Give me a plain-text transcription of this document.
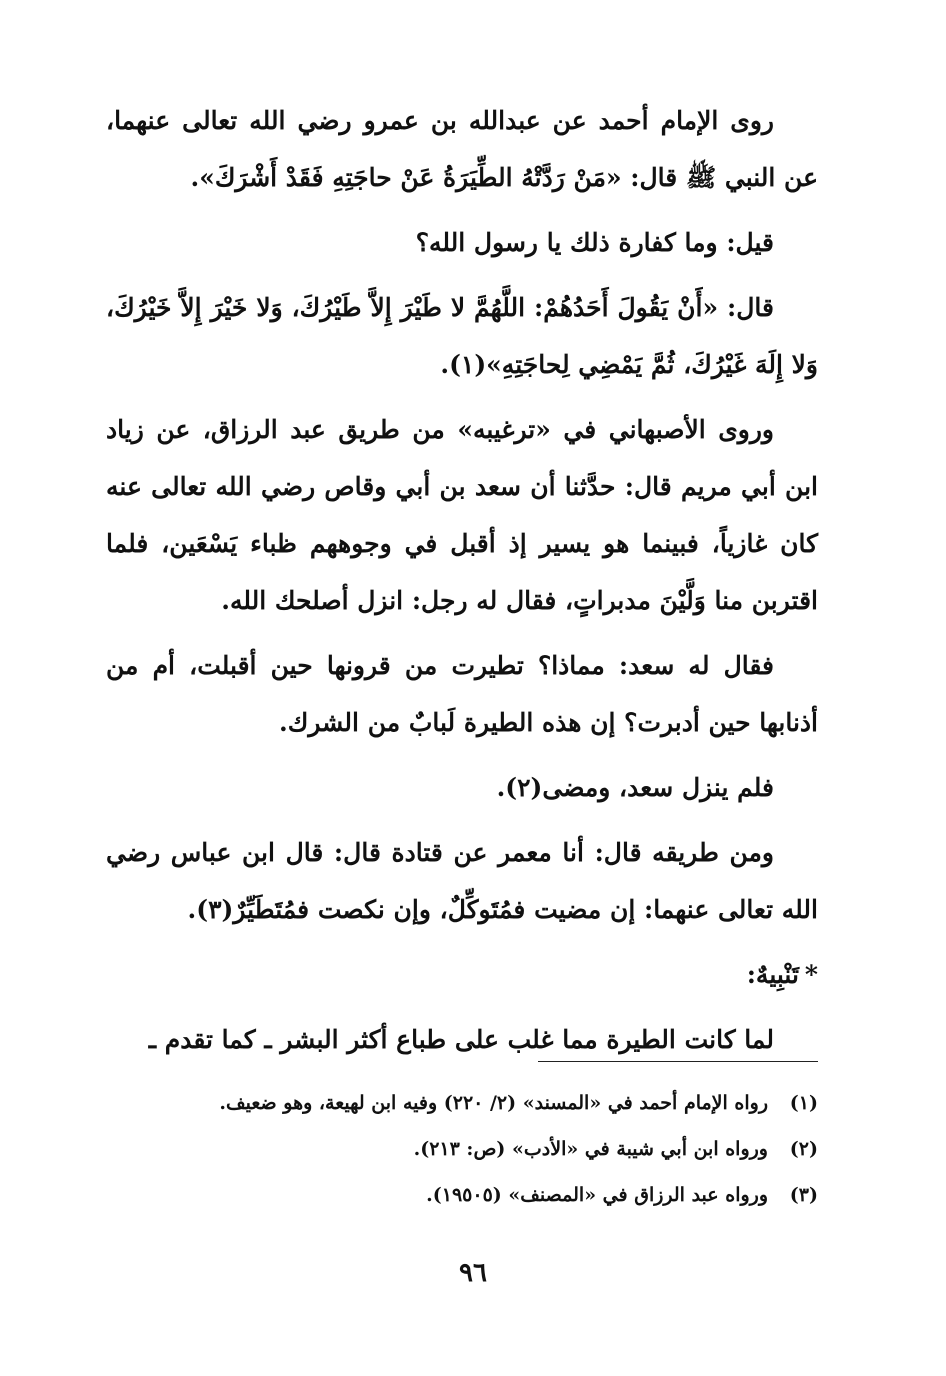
روى الإمام أحمد عن عبدالله بن عمرو رضي الله تعالى عنهما، عن النبي ﷺ قال: «مَنْ رَدَّتْهُ الطِّيَرَةُ عَنْ حاجَتِهِ فَقَدْ أَشْرَكَ».

قيل: وما كفارة ذلك يا رسول الله؟

قال: «أَنْ يَقُولَ أَحَدُهُمْ: اللَّهُمَّ لا طَيْرَ إِلاَّ طَيْرُكَ، وَلا خَيْرَ إِلاَّ خَيْرُكَ، وَلا إِلَهَ غَيْرُكَ، ثُمَّ يَمْضِي لِحاجَتِهِ»(١).

وروى الأصبهاني في «ترغيبه» من طريق عبد الرزاق، عن زياد ابن أبي مريم قال: حدَّثنا أن سعد بن أبي وقاص رضي الله تعالى عنه كان غازياً، فبينما هو يسير إذ أقبل في وجوههم ظباء يَسْعَين، فلما اقتربن منا وَلَّيْنَ مدبراتٍ، فقال له رجل: انزل أصلحك الله.

فقال له سعد: مماذا؟ تطيرت من قرونها حين أقبلت، أم من أذنابها حين أدبرت؟ إن هذه الطيرة لَبابٌ من الشرك.

فلم ينزل سعد، ومضى(٢).

ومن طريقه قال: أنا معمر عن قتادة قال: قال ابن عباس رضي الله تعالى عنهما: إن مضيت فمُتَوكِّلٌ، وإن نكصت فمُتَطَيِّرٌ(٣).

*تَنْبِيهٌ:

لما كانت الطيرة مما غلب على طباع أكثر البشر ـ كما تقدم ـ

(١)
رواه الإمام أحمد في «المسند» (٢/ ٢٢٠) وفيه ابن لهيعة، وهو ضعيف.
(٢)
ورواه ابن أبي شيبة في «الأدب» (ص: ٢١٣).
(٣)
ورواه عبد الرزاق في «المصنف» (١٩٥٠٥).
٩٦
